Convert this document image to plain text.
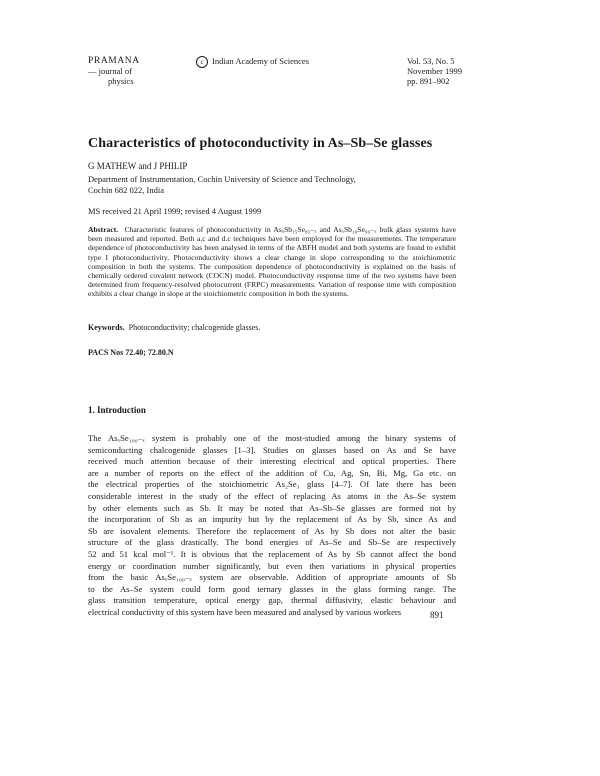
PRAMANA
— journal of
physics
c Indian Academy of Sciences	Vol. 53, No. 5
November 1999
pp. 891–902
Characteristics of photoconductivity in As–Sb–Se glasses
G MATHEW and J PHILIP
Department of Instrumentation, Cochin University of Science and Technology,
Cochin 682 022, India
MS received 21 April 1999; revised 4 August 1999
Abstract. Characteristic features of photoconductivity in AsₓSb₁₅Se₈₅₋ₓ and AsₓSb₁₀Se₉₀₋ₓ bulk glass systems have been measured and reported. Both a.c and d.c techniques have been employed for the measurements. The temperature dependence of photoconductivity has been analysed in terms of the ABFH model and both systems are found to exhibit type I photoconductivity. Photoconductivity shows a clear change in slope corresponding to the stoichiometric composition in both the systems. The composition dependence of photoconductivity is explained on the basis of chemically ordered covalent network (COCN) model. Photoconductivity response time of the two systems have been determined from frequency-resolved photocurrent (FRPC) measurements. Variation of response time with composition exhibits a clear change in slope at the stoichiometric composition in both the systems.
Keywords. Photoconductivity; chalcogenide glasses.
PACS Nos 72.40; 72.80.N
1. Introduction
The AsₓSe₁₀₀₋ₓ system is probably one of the most-studied among the binary systems of
semiconducting chalcogenide glasses [1–3]. Studies on glasses based on As and Se have
received much attention because of their interesting electrical and optical properties. There
are a number of reports on the effect of the addition of Cu, Ag, Sn, Bi, Mg, Ga etc. on
the electrical properties of the stoichiometric As₂Se₃ glass [4–7]. Of late there has been
considerable interest in the study of the effect of replacing As atoms in the As–Se system
by other elements such as Sb. It may be noted that As–Sb–Se glasses are formed not by
the incorporation of Sb as an impurity but by the replacement of As by Sb, since As and
Sb are isovalent elements. Therefore the replacement of As by Sb does not alter the basic
structure of the glass drastically. The bond energies of As–Se and Sb–Se are respectively
52 and 51 kcal mol⁻¹. It is obvious that the replacement of As by Sb cannot affect the bond
energy or coordination number significantly, but even then variations in physical properties
from the basic AsₓSe₁₀₀₋ₓ system are observable. Addition of appropriate amounts of Sb
to the As–Se system could form good ternary glasses in the glass forming range. The
glass transition temperature, optical energy gap, thermal diffusivity, elastic behaviour and
electrical conductivity of this system have been measured and analysed by various workers	891
